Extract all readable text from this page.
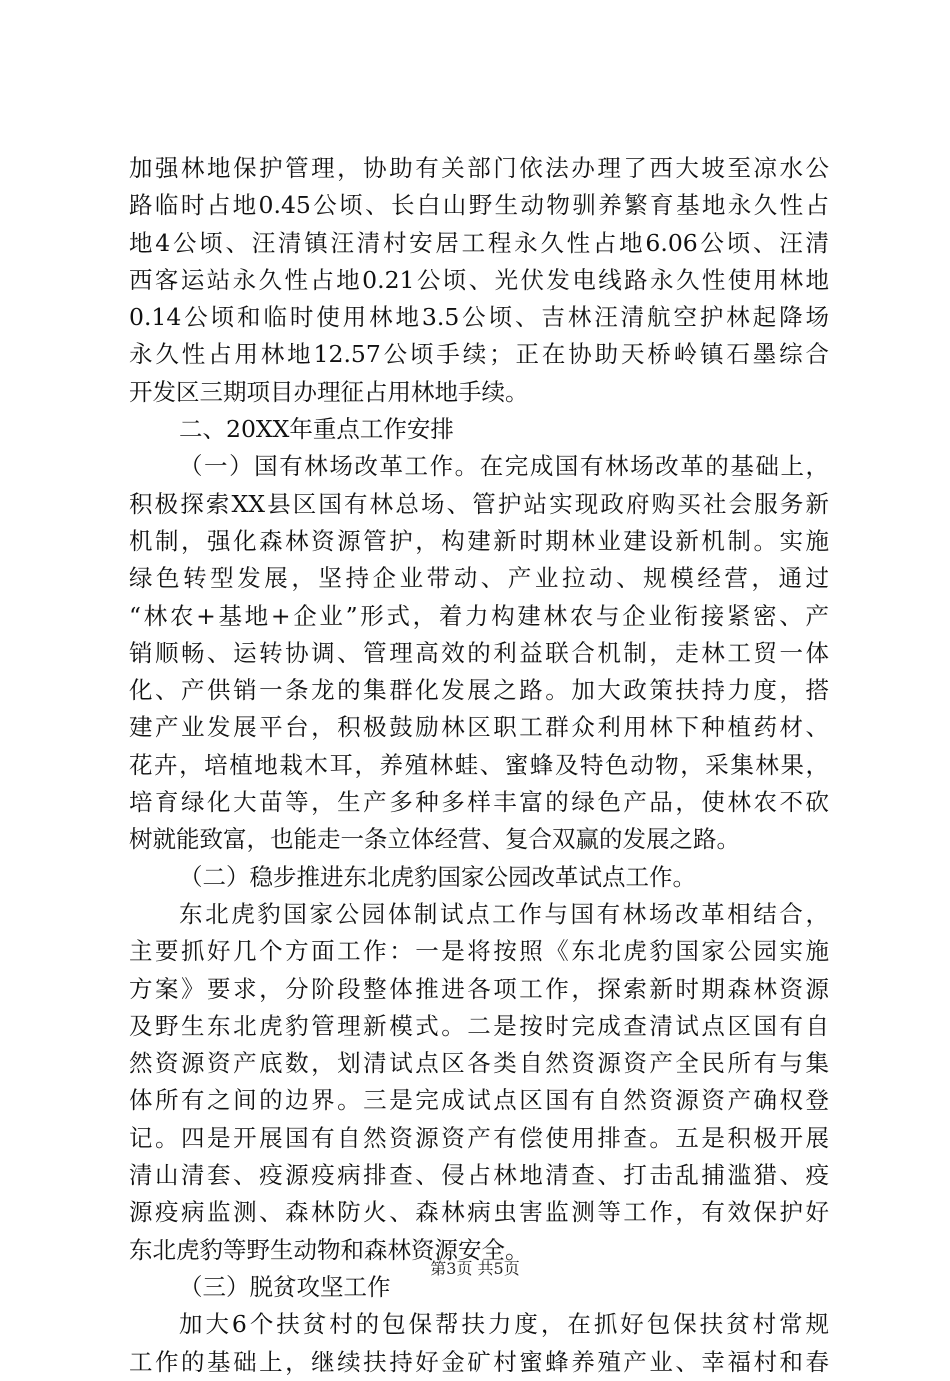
加强林地保护管理，协助有关部门依法办理了西大坡至凉水公
路临时占地0.45公顷、长白山野生动物驯养繁育基地永久性占
地4公顷、汪清镇汪清村安居工程永久性占地6.06公顷、汪清
西客运站永久性占地0.21公顷、光伏发电线路永久性使用林地
0.14公顷和临时使用林地3.5公顷、吉林汪清航空护林起降场
永久性占用林地12.57公顷手续；正在协助天桥岭镇石墨综合
开发区三期项目办理征占用林地手续。
二、20XX年重点工作安排
（一）国有林场改革工作。在完成国有林场改革的基础上，
积极探索XX县区国有林总场、管护站实现政府购买社会服务新
机制，强化森林资源管护，构建新时期林业建设新机制。实施
绿色转型发展，坚持企业带动、产业拉动、规模经营，通过
“林农+基地+企业”形式，着力构建林农与企业衔接紧密、产
销顺畅、运转协调、管理高效的利益联合机制，走林工贸一体
化、产供销一条龙的集群化发展之路。加大政策扶持力度，搭
建产业发展平台，积极鼓励林区职工群众利用林下种植药材、
花卉，培植地栽木耳，养殖林蛙、蜜蜂及特色动物，采集林果，
培育绿化大苗等，生产多种多样丰富的绿色产品，使林农不砍
树就能致富，也能走一条立体经营、复合双赢的发展之路。
（二）稳步推进东北虎豹国家公园改革试点工作。
东北虎豹国家公园体制试点工作与国有林场改革相结合，
主要抓好几个方面工作：一是将按照《东北虎豹国家公园实施
方案》要求，分阶段整体推进各项工作，探索新时期森林资源
及野生东北虎豹管理新模式。二是按时完成查清试点区国有自
然资源资产底数，划清试点区各类自然资源资产全民所有与集
体所有之间的边界。三是完成试点区国有自然资源资产确权登
记。四是开展国有自然资源资产有偿使用排查。五是积极开展
清山清套、疫源疫病排查、侵占林地清查、打击乱捕滥猎、疫
源疫病监测、森林防火、森林病虫害监测等工作，有效保护好
东北虎豹等野生动物和森林资源安全。
（三）脱贫攻坚工作
加大6个扶贫村的包保帮扶力度，在抓好包保扶贫村常规
工作的基础上，继续扶持好金矿村蜜蜂养殖产业、幸福村和春
第3页 共5页
